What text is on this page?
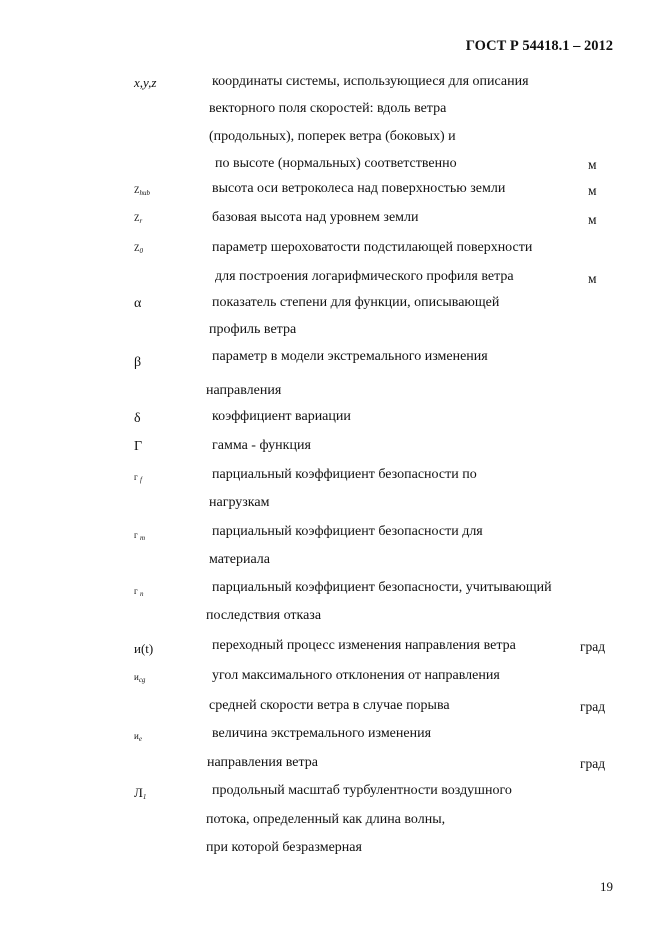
ГОСТ Р 54418.1 – 2012
x,y,z	координаты системы, использующиеся для описания
векторного поля скоростей: вдоль ветра
(продольных), поперек ветра (боковых) и
по высоте (нормальных) соответственно	м
$Z_{hub}$	высота оси ветроколеса над поверхностью земли	м
$Z_r$	базовая высота над уровнем земли	м
$Z_0$	параметр шероховатости подстилающей поверхности
для построения логарифмического профиля ветра	м
α	показатель степени для функции, описывающей
профиль ветра
β	параметр в модели экстремального изменения
направления
δ	коэффициент вариации
Г	гамма - функция
г $_f$	парциальный коэффициент безопасности по
нагрузкам
г $_m$	парциальный коэффициент безопасности для
материала
г $_n$	парциальный коэффициент безопасности, учитывающий
последствия отказа
и(t)	переходный процесс изменения направления ветра	град
$и_{cg}$	угол максимального отклонения от направления
средней скорости ветра в случае порыва	град
$и_e$	величина экстремального изменения
направления ветра	град
$Л_1$	продольный масштаб турбулентности воздушного
потока, определенный как длина волны,
при которой безразмерная
19
